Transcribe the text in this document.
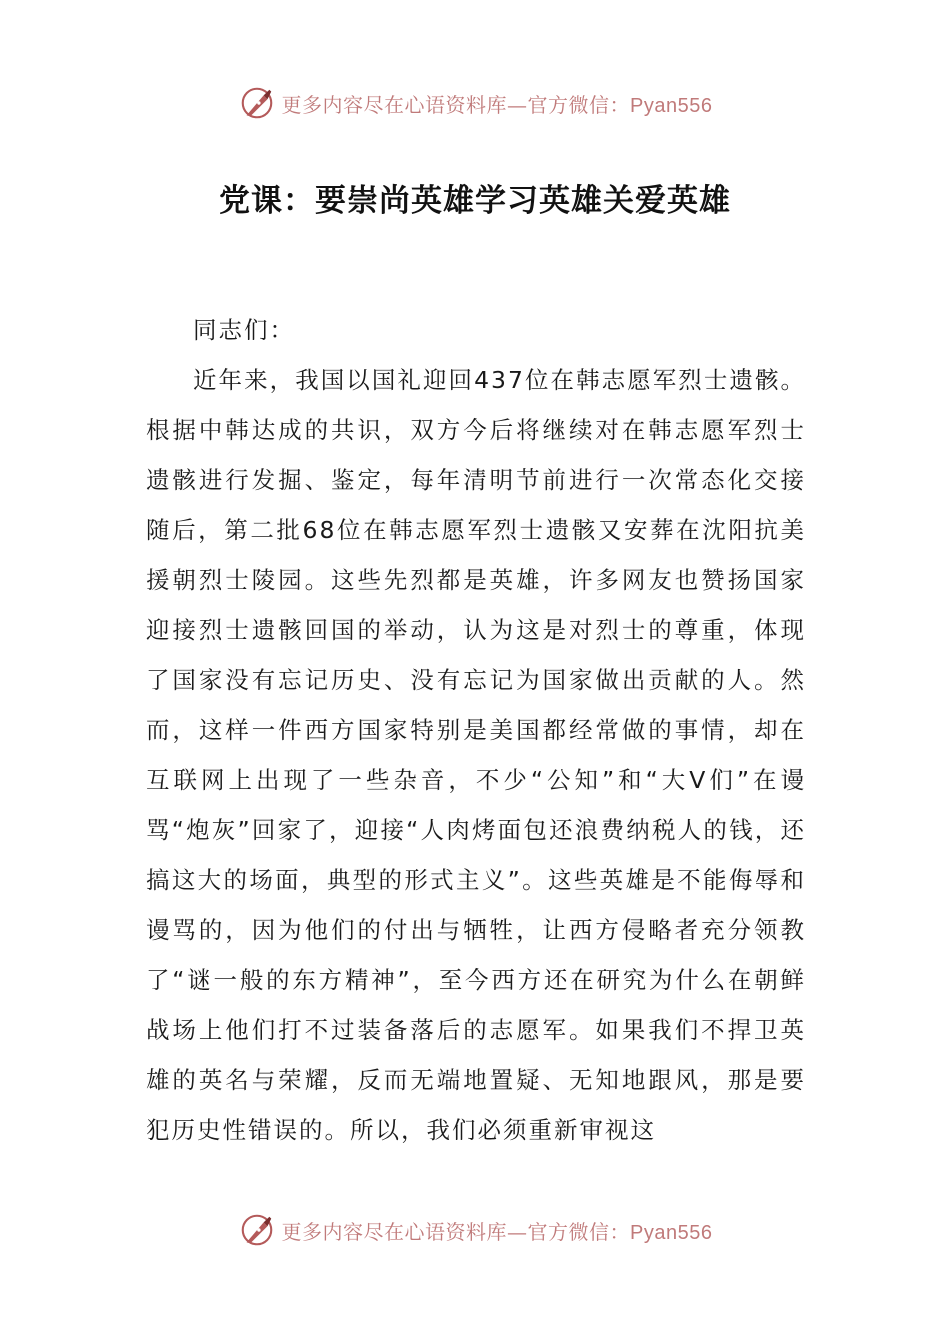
更多内容尽在心语资料库—官方微信：Pyan556
党课：要崇尚英雄学习英雄关爱英雄

同志们：

近年来，我国以国礼迎回437位在韩志愿军烈士遗骸。根据中韩达成的共识，双方今后将继续对在韩志愿军烈士遗骸进行发掘、鉴定，每年清明节前进行一次常态化交接随后，第二批68位在韩志愿军烈士遗骸又安葬在沈阳抗美援朝烈士陵园。这些先烈都是英雄，许多网友也赞扬国家迎接烈士遗骸回国的举动，认为这是对烈士的尊重，体现了国家没有忘记历史、没有忘记为国家做出贡献的人。然而，这样一件西方国家特别是美国都经常做的事情，却在互联网上出现了一些杂音，不少“公知”和“大V们”在谩骂“炮灰”回家了，迎接“人肉烤面包还浪费纳税人的钱，还搞这大的场面，典型的形式主义”。这些英雄是不能侮辱和谩骂的，因为他们的付出与牺牲，让西方侵略者充分领教了“谜一般的东方精神”，至今西方还在研究为什么在朝鲜战场上他们打不过装备落后的志愿军。如果我们不捍卫英雄的英名与荣耀，反而无端地置疑、无知地跟风，那是要犯历史性错误的。所以，我们必须重新审视这

更多内容尽在心语资料库—官方微信：Pyan556
